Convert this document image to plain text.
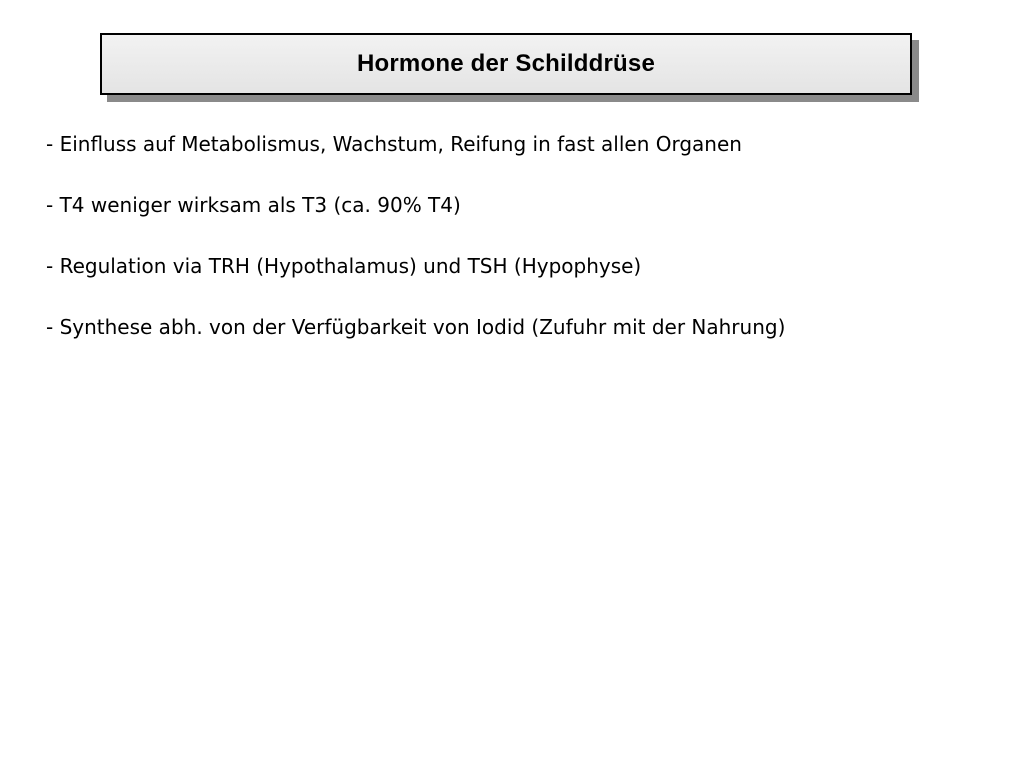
Hormone der Schilddrüse
- Einfluss auf Metabolismus, Wachstum, Reifung in fast allen Organen
- T4 weniger wirksam als T3 (ca. 90% T4)
- Regulation via TRH (Hypothalamus) und TSH (Hypophyse)
- Synthese abh. von der Verfügbarkeit von Iodid (Zufuhr mit der Nahrung)
